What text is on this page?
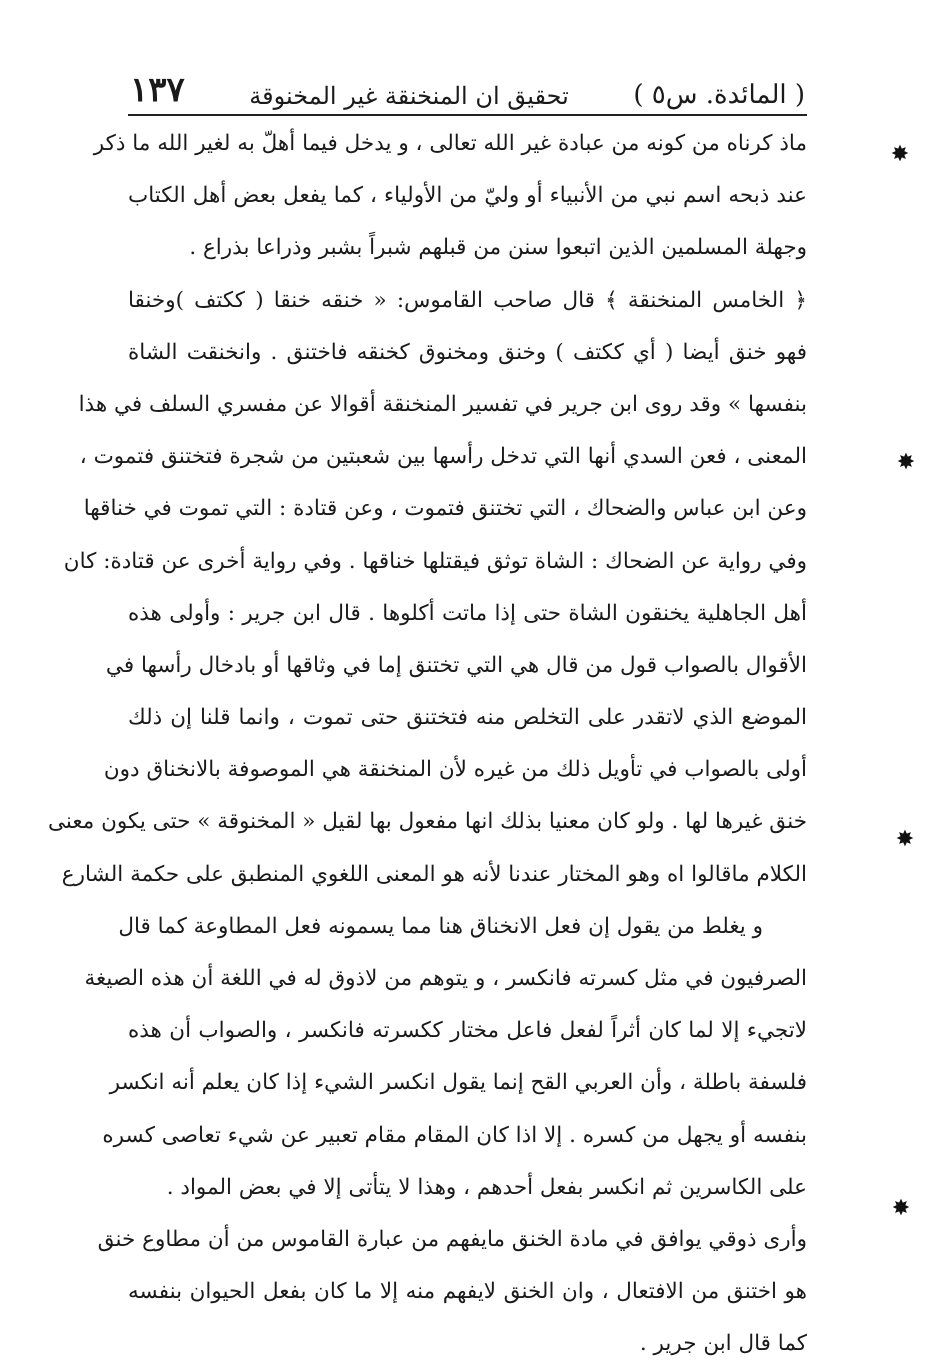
( المائدة. س٥ )
تحقيق ان المنخنقة غير المخنوقة
١٣٧
ماذ كرناه من كونه من عبادة غير الله تعالى ، و يدخل فيما أهلّ به لغير الله ما ذكر
عند ذبحه اسم نبي من الأنبياء أو وليّ من الأولياء ، كما يفعل بعض أهل الكتاب
وجهلة المسلمين الذين اتبعوا سنن من قبلهم شبراً بشبر وذراعا بذراع .
﴿ الخامس المنخنقة ﴾ قال صاحب القاموس: « خنقه خنقا ( ككتف )وخنقا
فهو خنق أيضا ( أي ككتف ) وخنق ومخنوق كخنقه فاختنق . وانخنقت الشاة
بنفسها » وقد روى ابن جرير في تفسير المنخنقة أقوالا عن مفسري السلف في هذا
المعنى ، فعن السدي أنها التي تدخل رأسها بين شعبتين من شجرة فتختنق فتموت ،
وعن ابن عباس والضحاك ، التي تختنق فتموت ، وعن قتادة : التي تموت في خناقها
وفي رواية عن الضحاك : الشاة توثق فيقتلها خناقها . وفي رواية أخرى عن قتادة: كان
أهل الجاهلية يخنقون الشاة حتى إذا ماتت أكلوها . قال ابن جرير : وأولى هذه
الأقوال بالصواب قول من قال هي التي تختنق إما في وثاقها أو بادخال رأسها في
الموضع الذي لاتقدر على التخلص منه فتختنق حتى تموت ، وانما قلنا إن ذلك
أولى بالصواب في تأويل ذلك من غيره لأن المنخنقة هي الموصوفة بالانخناق دون
خنق غيرها لها . ولو كان معنيا بذلك انها مفعول بها لقيل « المخنوقة » حتى يكون معنى
الكلام ماقالوا اه وهو المختار عندنا لأنه هو المعنى اللغوي المنطبق على حكمة الشارع
و يغلط من يقول إن فعل الانخناق هنا مما يسمونه فعل المطاوعة كما قال
الصرفيون في مثل كسرته فانكسر ، و يتوهم من لاذوق له في اللغة أن هذه الصيغة
لاتجيء إلا لما كان أثراً لفعل فاعل مختار ككسرته فانكسر ، والصواب أن هذه
فلسفة باطلة ، وأن العربي القح إنما يقول انكسر الشيء إذا كان يعلم أنه انكسر
بنفسه أو يجهل من كسره . إلا اذا كان المقام مقام تعبير عن شيء تعاصى كسره
على الكاسرين ثم انكسر بفعل أحدهم ، وهذا لا يتأتى إلا في بعض المواد .
وأرى ذوقي يوافق في مادة الخنق مايفهم من عبارة القاموس من أن مطاوع خنق
هو اختنق من الافتعال ، وان الخنق لايفهم منه إلا ما كان بفعل الحيوان بنفسه
كما قال ابن جرير .
✸
✸
✸
✸
